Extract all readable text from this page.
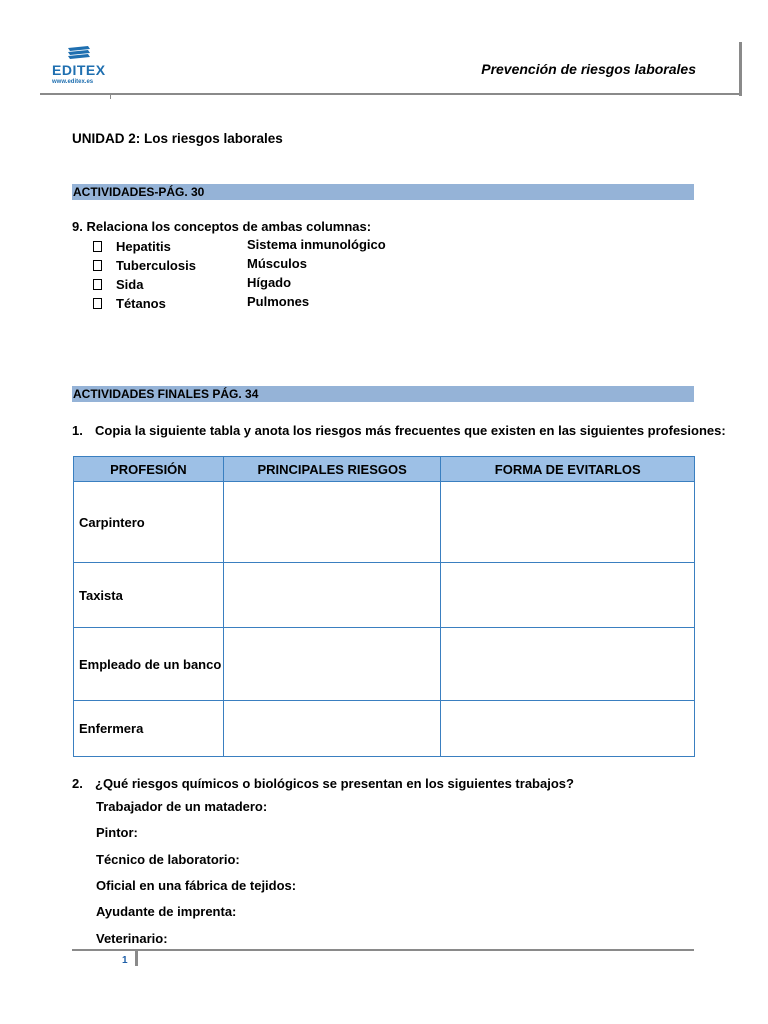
EDITEX
www.editex.es
Prevención de riesgos laborales
UNIDAD 2: Los riesgos laborales
ACTIVIDADES-PÁG. 30
9. Relaciona los conceptos de ambas columnas:
Hepatitis
Tuberculosis
Sida
Tétanos
Sistema inmunológico
Músculos
Hígado
Pulmones
ACTIVIDADES FINALES PÁG. 34
1. Copia la siguiente tabla y anota los riesgos más frecuentes que existen en las siguientes profesiones:
PROFESIÓN	PRINCIPALES RIESGOS	FORMA DE EVITARLOS
Carpintero		
Taxista		
Empleado de un banco		
Enfermera		
2. ¿Qué riesgos químicos o biológicos se presentan en los siguientes trabajos?
Trabajador de un matadero:
Pintor:
Técnico de laboratorio:
Oficial en una fábrica de tejidos:
Ayudante de imprenta:
Veterinario:
1
